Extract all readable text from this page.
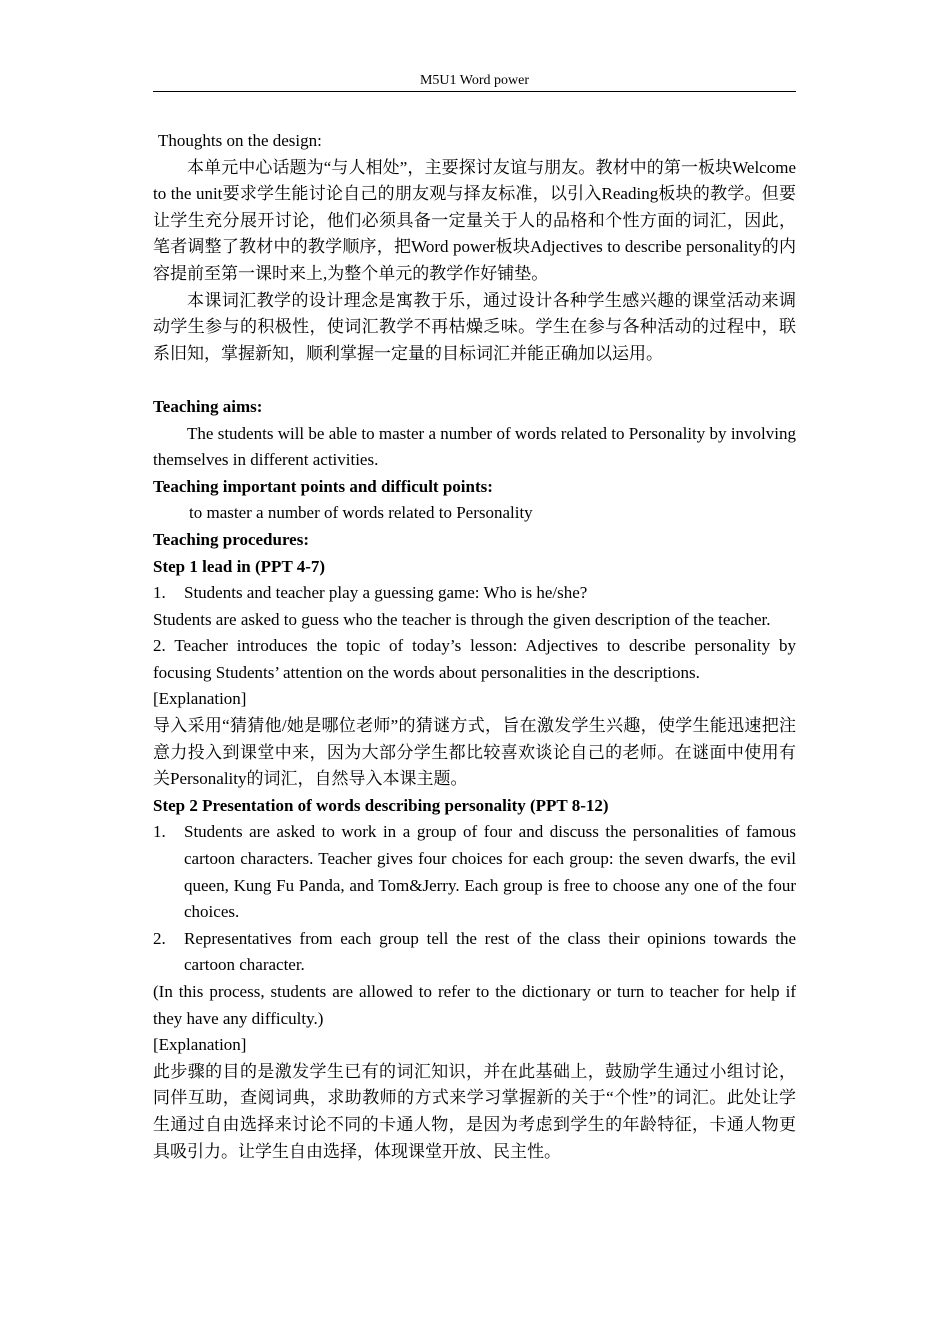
M5U1 Word power

Thoughts on the design:

本单元中心话题为“与人相处”，主要探讨友谊与朋友。教材中的第一板块Welcome to the unit要求学生能讨论自己的朋友观与择友标准，以引入Reading板块的教学。但要让学生充分展开讨论，他们必须具备一定量关于人的品格和个性方面的词汇，因此，笔者调整了教材中的教学顺序，把Word power板块Adjectives to describe personality的内容提前至第一课时来上,为整个单元的教学作好铺垫。

本课词汇教学的设计理念是寓教于乐，通过设计各种学生感兴趣的课堂活动来调动学生参与的积极性，使词汇教学不再枯燥乏味。学生在参与各种活动的过程中，联系旧知，掌握新知，顺利掌握一定量的目标词汇并能正确加以运用。

Teaching aims:

The students will be able to master a number of words related to Personality by involving themselves in different activities.

Teaching important points and difficult points:

to master a number of words related to Personality

Teaching procedures:

Step 1 lead in (PPT 4-7)

1.	Students and teacher play a guessing game: Who is he/she?

Students are asked to guess who the teacher is through the given description of the teacher.

2. Teacher introduces the topic of today’s lesson: Adjectives to describe personality by focusing Students’ attention on the words about personalities in the descriptions.

[Explanation]

导入采用“猜猜他/她是哪位老师”的猜谜方式，旨在激发学生兴趣，使学生能迅速把注意力投入到课堂中来，因为大部分学生都比较喜欢谈论自己的老师。在谜面中使用有关Personality的词汇，自然导入本课主题。

Step 2 Presentation of words describing personality (PPT 8-12)

1.	Students are asked to work in a group of four and discuss the personalities of famous cartoon characters. Teacher gives four choices for each group: the seven dwarfs, the evil queen, Kung Fu Panda, and Tom&Jerry. Each group is free to choose any one of the four choices.
2.	Representatives from each group tell the rest of the class their opinions towards the cartoon character.

(In this process, students are allowed to refer to the dictionary or turn to teacher for help if they have any difficulty.)

[Explanation]

此步骤的目的是激发学生已有的词汇知识，并在此基础上，鼓励学生通过小组讨论，同伴互助，查阅词典，求助教师的方式来学习掌握新的关于“个性”的词汇。此处让学生通过自由选择来讨论不同的卡通人物，是因为考虑到学生的年龄特征，卡通人物更具吸引力。让学生自由选择，体现课堂开放、民主性。
